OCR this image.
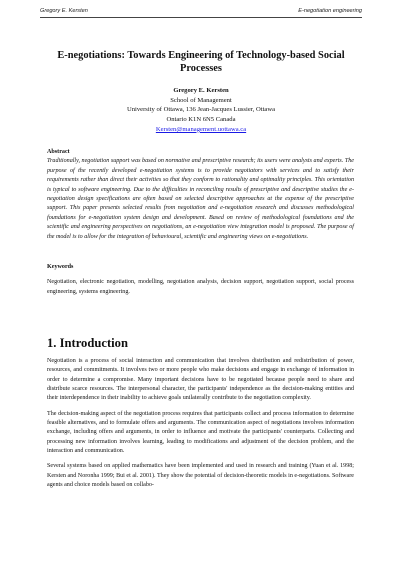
Gregory E. Kersten	E-negotiation engineering
E-negotiations: Towards Engineering of Technology-based Social Processes
Gregory E. Kersten
School of Management
University of Ottawa, 136 Jean-Jacques Lussier, Ottawa
Ontario K1N 6N5 Canada
Kersten@management.uottawa.ca
Abstract
Traditionally, negotiation support was based on normative and prescriptive research; its users were analysts and experts. The purpose of the recently developed e-negotiation systems is to provide negotiators with services and to satisfy their requirements rather than direct their activities so that they conform to rationality and optimality principles. This orientation is typical to software engineering. Due to the difficulties in reconciling results of prescriptive and descriptive studies the e-negotiation design specifications are often based on selected descriptive approaches at the expense of the prescriptive support. This paper presents selected results from negotiation and e-negotiation research and discusses methodological foundations for e-negotiation system design and development. Based on review of methodological foundations and the scientific and engineering perspectives on negotiations, an e-negotiation view integration model is proposed. The purpose of the model is to allow for the integration of behavioural, scientific and engineering views on e-negotiations.
Keywords
Negotiation, electronic negotiation, modelling, negotiation analysis, decision support, negotiation support, social process engineering, systems engineering.
1. Introduction

Negotiation is a process of social interaction and communication that involves distribution and redistribution of power, resources, and commitments. It involves two or more people who make decisions and engage in exchange of information in order to determine a compromise. Many important decisions have to be negotiated because people need to share and distribute scarce resources. The interpersonal character, the participants' independence as the decision-making entities and their interdependence in their inability to achieve goals unilaterally contribute to the negotiation complexity.

The decision-making aspect of the negotiation process requires that participants collect and process information to determine feasible alternatives, and to formulate offers and arguments. The communication aspect of negotiations involves information exchange, including offers and arguments, in order to influence and motivate the participants' counterparts. Collecting and processing new information involves learning, leading to modifications and adjustment of the decision problem, and the interaction and communication.

Several systems based on applied mathematics have been implemented and used in research and training (Yuan et al. 1998; Kersten and Noronha 1999; Bui et al. 2001). They show the potential of decision-theoretic models in e-negotiations. Software agents and choice models based on collabo-
